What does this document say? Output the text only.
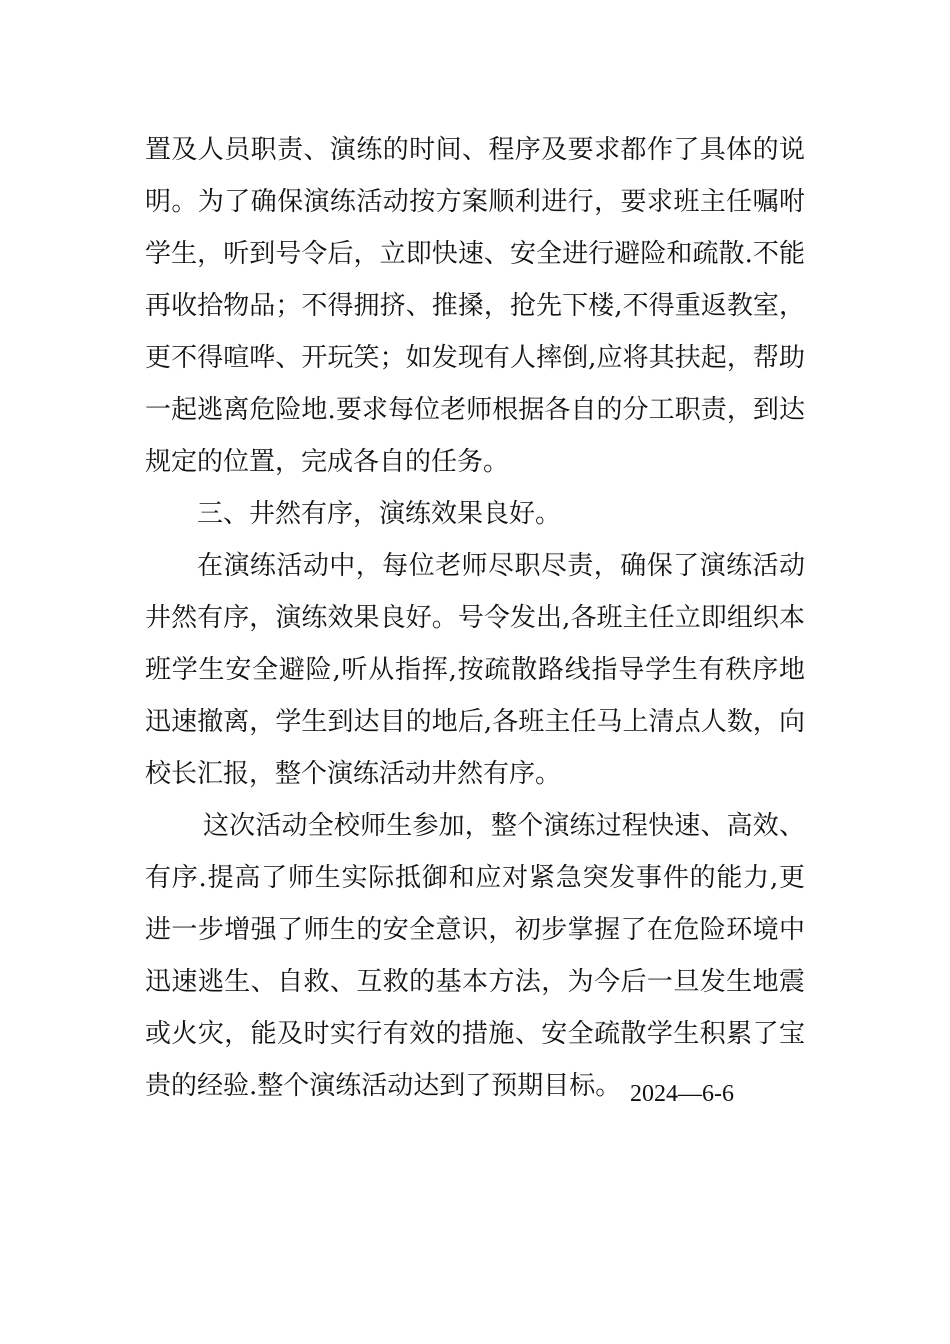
置及人员职责、演练的时间、程序及要求都作了具体的说
明。为了确保演练活动按方案顺利进行，要求班主任嘱咐
学生，听到号令后，立即快速、安全进行避险和疏散.不能
再收拾物品；不得拥挤、推搡，抢先下楼,不得重返教室，
更不得喧哗、开玩笑；如发现有人摔倒,应将其扶起，帮助
一起逃离危险地.要求每位老师根据各自的分工职责，到达
规定的位置，完成各自的任务。
三、井然有序，演练效果良好。
在演练活动中，每位老师尽职尽责，确保了演练活动
井然有序，演练效果良好。号令发出,各班主任立即组织本
班学生安全避险,听从指挥,按疏散路线指导学生有秩序地
迅速撤离，学生到达目的地后,各班主任马上清点人数，向
校长汇报，整个演练活动井然有序。
这次活动全校师生参加，整个演练过程快速、高效、
有序.提高了师生实际抵御和应对紧急突发事件的能力,更
进一步增强了师生的安全意识，初步掌握了在危险环境中
迅速逃生、自救、互救的基本方法，为今后一旦发生地震
或火灾，能及时实行有效的措施、安全疏散学生积累了宝
贵的经验.整个演练活动达到了预期目标。 2024—6-6
